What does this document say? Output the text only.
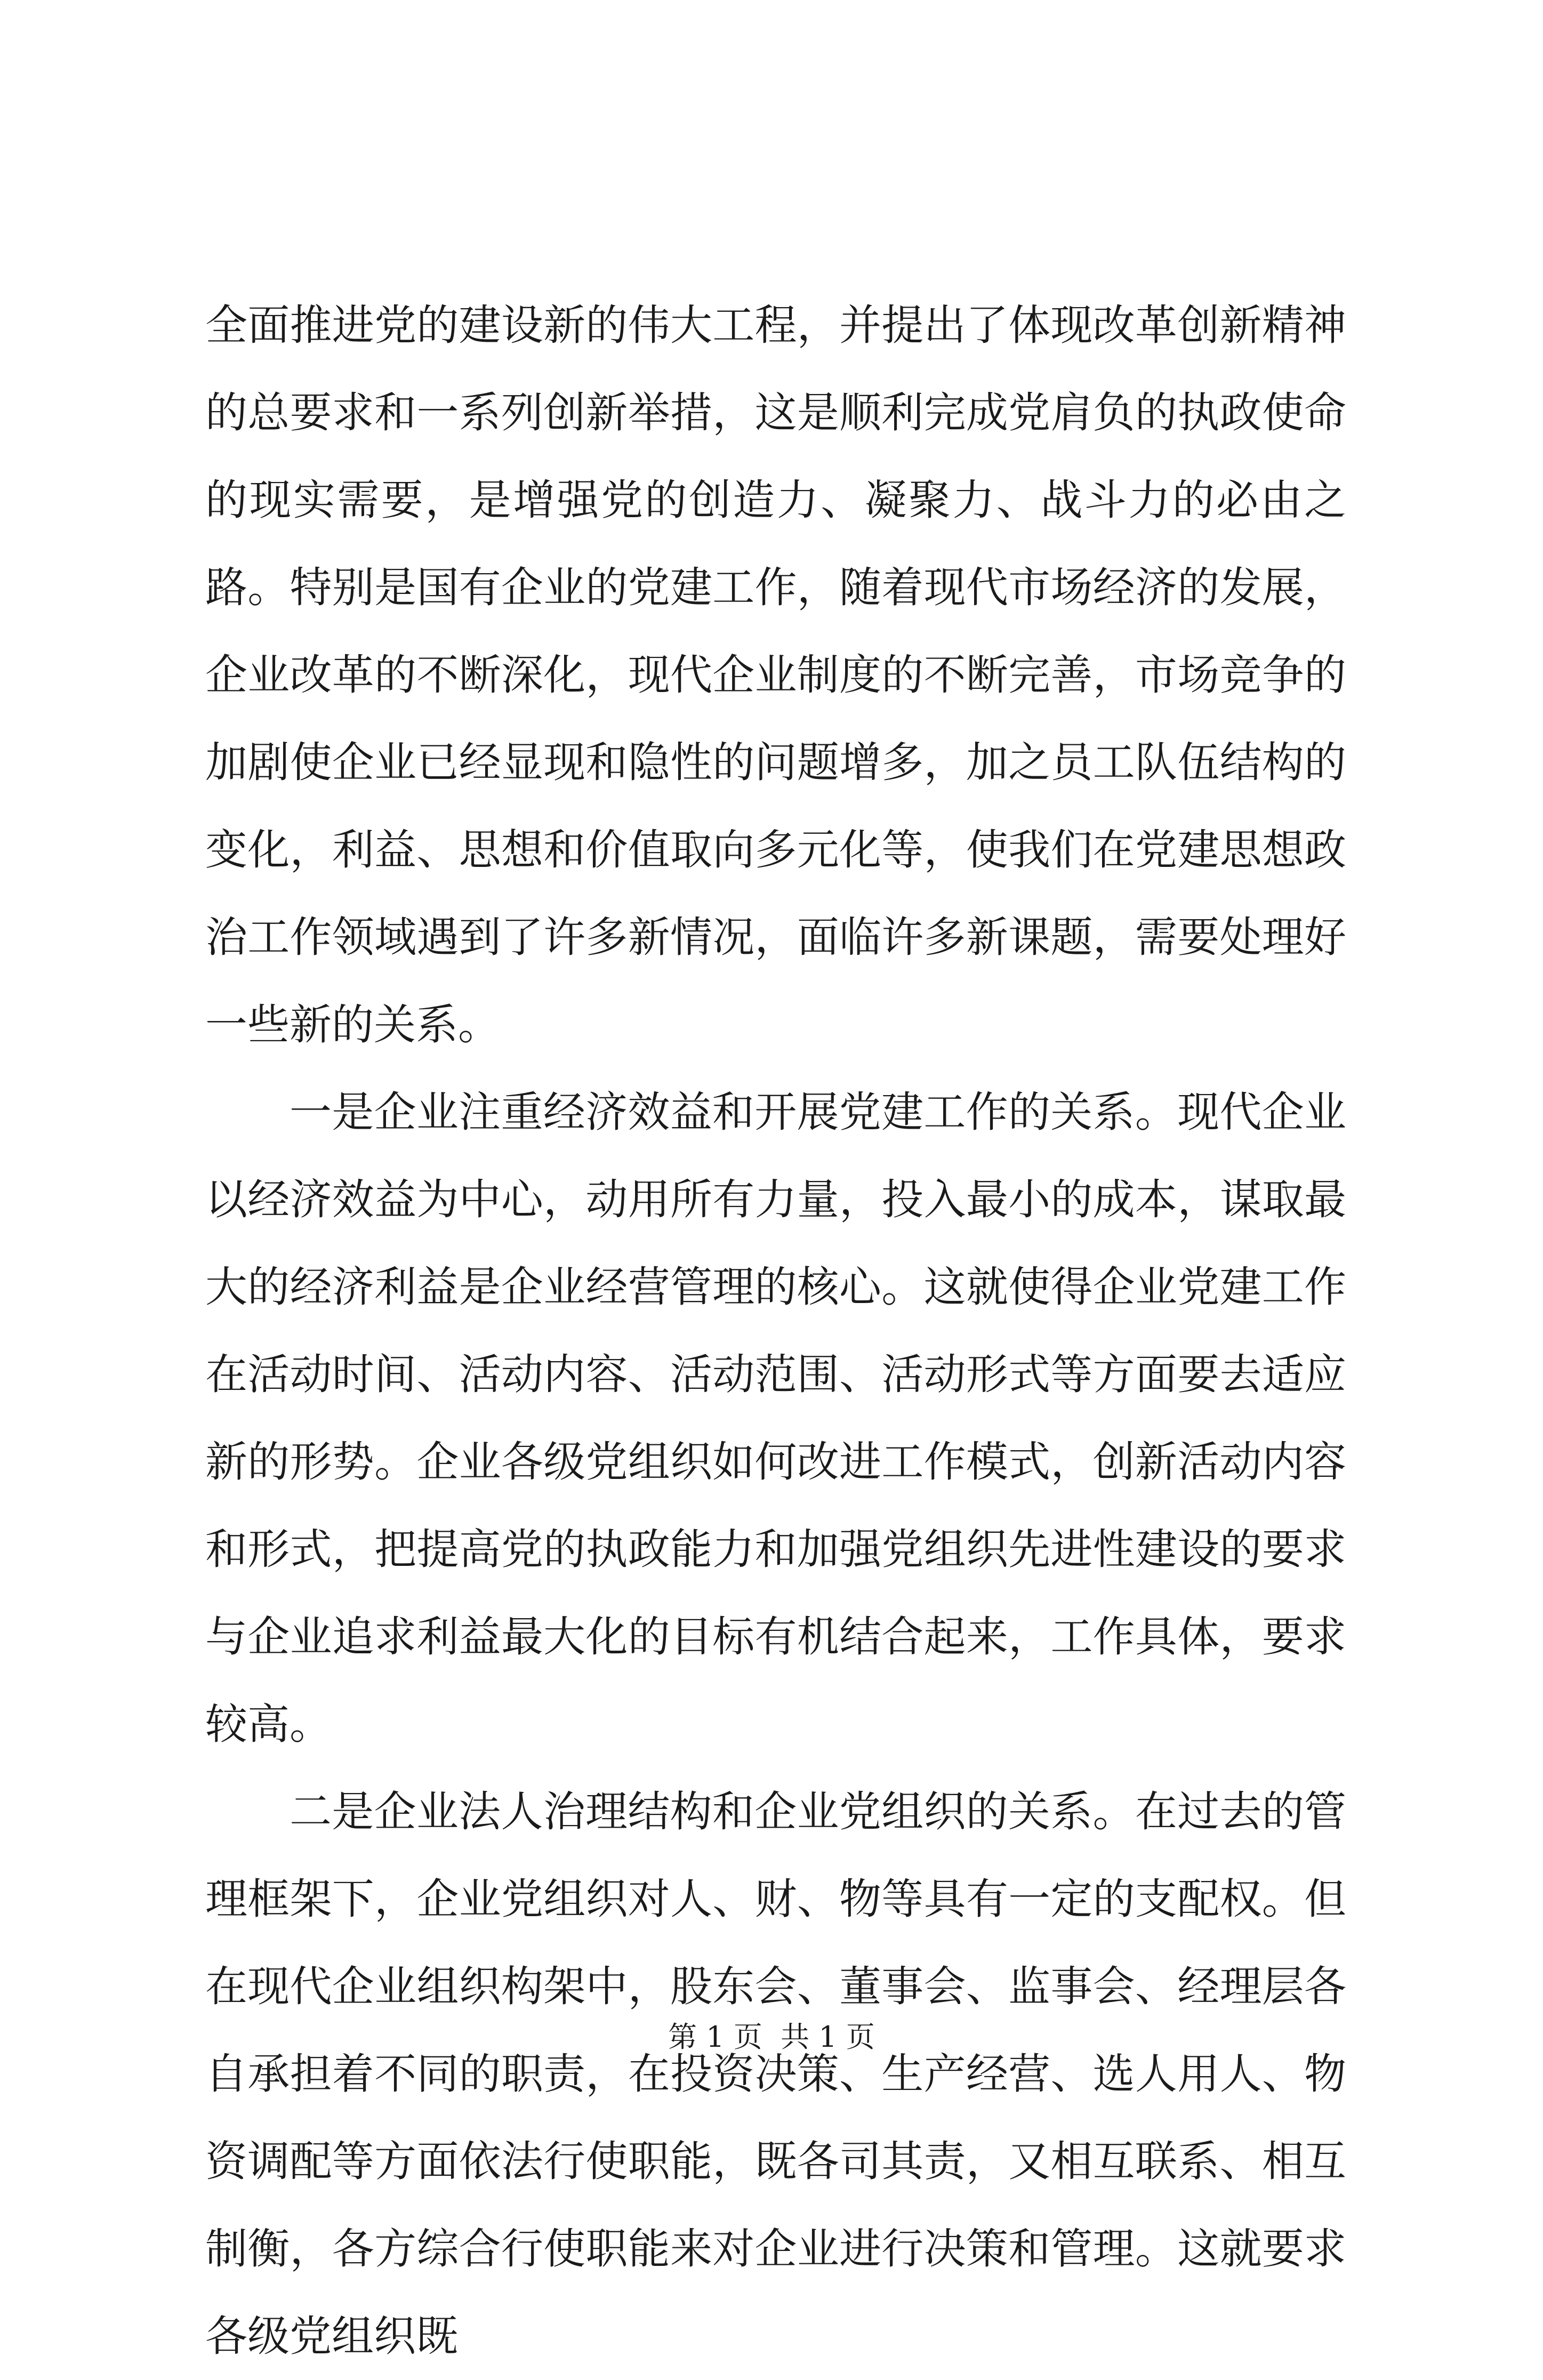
全面推进党的建设新的伟大工程，并提出了体现改革创新精神的总要求和一系列创新举措，这是顺利完成党肩负的执政使命的现实需要，是增强党的创造力、凝聚力、战斗力的必由之路。特别是国有企业的党建工作，随着现代市场经济的发展，企业改革的不断深化，现代企业制度的不断完善，市场竞争的加剧使企业已经显现和隐性的问题增多，加之员工队伍结构的变化，利益、思想和价值取向多元化等，使我们在党建思想政治工作领域遇到了许多新情况，面临许多新课题，需要处理好一些新的关系。

一是企业注重经济效益和开展党建工作的关系。现代企业以经济效益为中心，动用所有力量，投入最小的成本，谋取最大的经济利益是企业经营管理的核心。这就使得企业党建工作在活动时间、活动内容、活动范围、活动形式等方面要去适应新的形势。企业各级党组织如何改进工作模式，创新活动内容和形式，把提高党的执政能力和加强党组织先进性建设的要求与企业追求利益最大化的目标有机结合起来，工作具体，要求较高。

二是企业法人治理结构和企业党组织的关系。在过去的管理框架下，企业党组织对人、财、物等具有一定的支配权。但在现代企业组织构架中，股东会、董事会、监事会、经理层各自承担着不同的职责，在投资决策、生产经营、选人用人、物资调配等方面依法行使职能，既各司其责，又相互联系、相互制衡，各方综合行使职能来对企业进行决策和管理。这就要求各级党组织既

第 1 页  共 1 页
